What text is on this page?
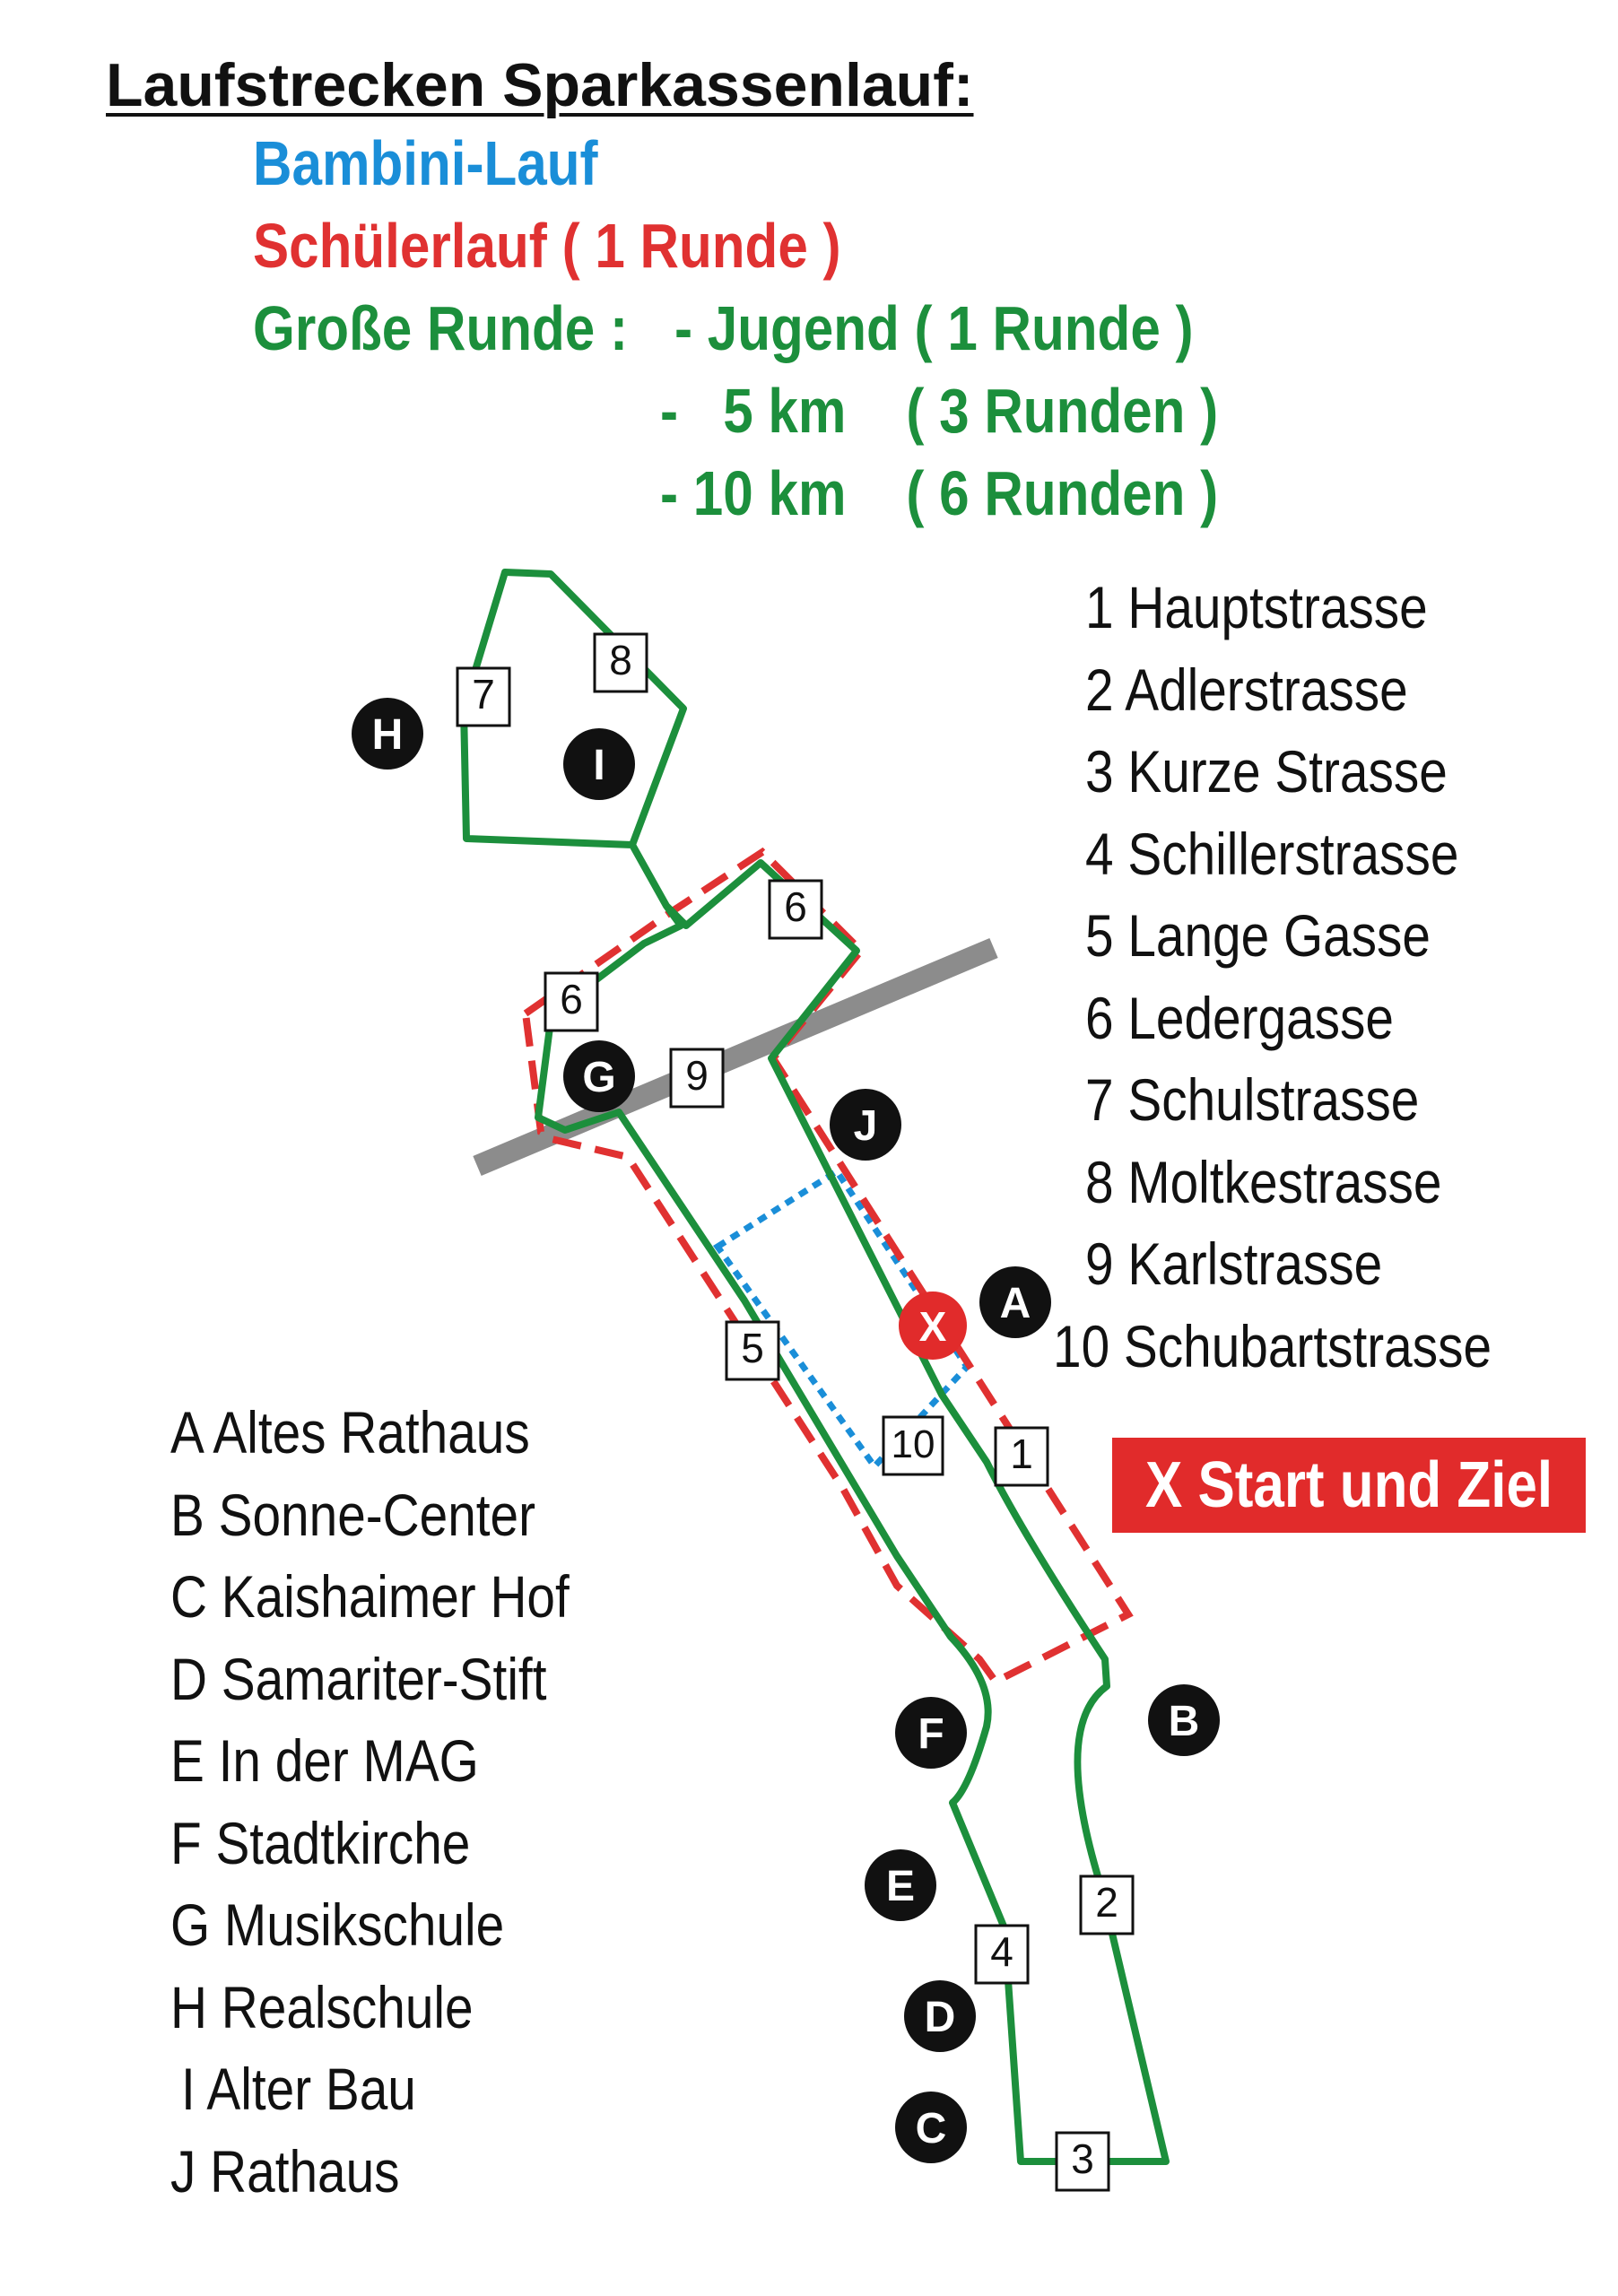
Laufstrecken Sparkassenlauf:
Bambini-Lauf
Schülerlauf ( 1 Runde )
Große Runde : - Jugend ( 1 Runde )
-   5 km    ( 3 Runden )
- 10 km    ( 6 Runden )
1 Hauptstrasse
2 Adlerstrasse
3 Kurze Strasse
4 Schillerstrasse
5 Lange Gasse
6 Ledergasse
7 Schulstrasse
8 Moltkestrasse
9 Karlstrasse
10 Schubartstrasse
A Altes Rathaus
B Sonne-Center
C Kaishaimer Hof
D Samariter-Stift
E In der MAG
F Stadtkirche
G Musikschule
H Realschule
I Alter Bau
J Rathaus
X Start und Ziel
7
8
6
6
9
5
10 1
2
4
3
A
B
C
D
E
F
G
H
I
J
X
